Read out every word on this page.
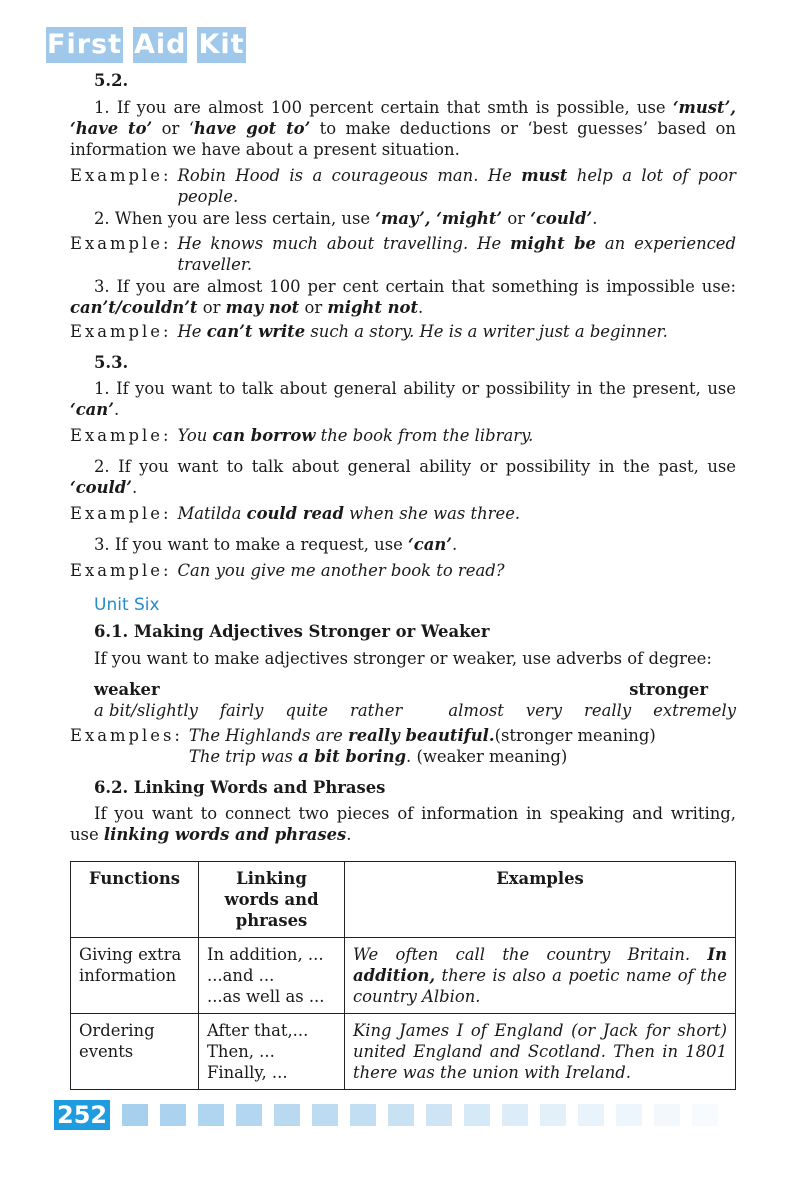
First Aid Kit
5.2.
1. If you are almost 100 percent certain that smth is possible, use ‘must’, ‘have to’ or ‘have got to’ to make deductions or ‘best guesses’ based on information we have about a present situation.
Example: Robin Hood is a courageous man. He must help a lot of poor people.
2. When you are less certain, use ‘may’, ‘might’ or ‘could’.
Example: He knows much about travelling. He might be an experienced traveller.
3. If you are almost 100 per cent certain that something is impossible use: can’t/couldn’t or may not or might not.
Example: He can’t write such a story. He is a writer just a beginner.
5.3.
1. If you want to talk about general ability or possibility in the present, use ‘can’.
Example: You can borrow the book from the library.
2. If you want to talk about general ability or possibility in the past, use ‘could’.
Example: Matilda could read when she was three.
3. If you want to make a request, use ‘can’.
Example: Can you give me another book to read?
Unit Six
6.1. Making Adjectives Stronger or Weaker
If you want to make adjectives stronger or weaker, use adverbs of degree:
weaker	stronger
a bit/slightly fairly quite rather	almost very really extremely
Examples: The Highlands are really beautiful.(stronger meaning)
The trip was a bit boring. (weaker meaning)
6.2. Linking Words and Phrases
If you want to connect two pieces of information in speaking and writing, use linking words and phrases.
Functions	Linking words and phrases	Examples
Giving extra information	In addition, ...
...and ...
...as well as ...	We often call the country Britain. In addition, there is also a poetic name of the country Albion.
Ordering events	After that,...
Then, ...
Finally, ...	King James I of England (or Jack for short) united England and Scotland. Then in 1801 there was the union with Ireland.
252
